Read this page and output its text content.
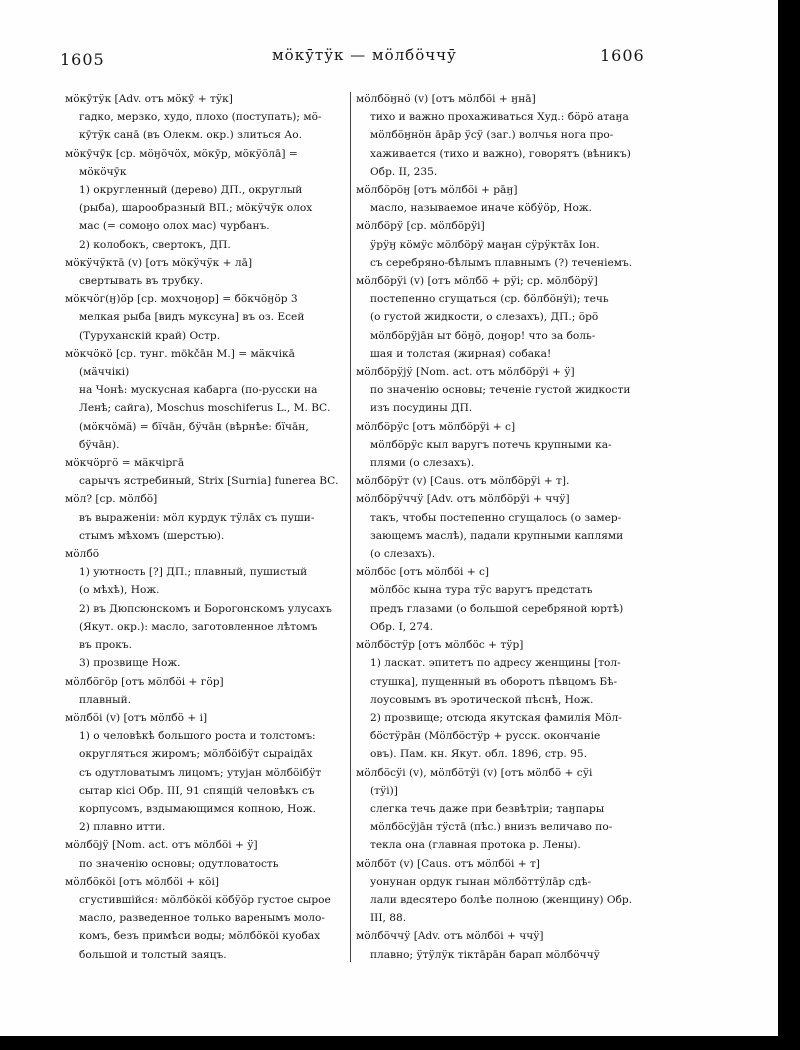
1605	мӧкӯтӱк — мӧлбӧччӯ	1606
мӧкӯтӱк [Adv. отъ мӧкӯ + тӱк]
гадко, мерзко, худо, плохо (поступать); мӧ-
кӯтӱк санā (въ Олекм. окр.) злиться Ао.
мӧкӯчӯк [ср. мӧӈӧчӧх, мӧкӯр, мӧкӱӧлā] =
мӧкӧчӯк
1) округленный (дерево) ДП., округлый
(рыба), шарообразный ВП.; мӧкӱчӱк олох
мас (= сомоӈо олох мас) чурбанъ.
2) колобокъ, свертокъ, ДП.
мӧкӱчӱктā (v) [отъ мӧкӱчӱк + лā]
свертывать въ трубку.
мӧкчӧг(ӈ)ӧр [ср. мохчоӈор] = бӧкчӧӈӧр 3
мелкая рыба [видъ муксуна] въ оз. Есей
(Туруханскій край) Остр.
мӧкчӧкӧ [ср. тунг. mökčāн М.] = мӓкчікā
(мӓччікі)
на Чонѣ: мускусная кабарга (по-русски на
Ленѣ; сайга), Moschus moschiferus L., М. ВС.
(мӧкчӧмӓ) = бїчāн, бӱчāн (вѣрнѣе: бїчāн,
бӱчāн).
мӧкчӧргӧ = мӓкчіргā
сарычъ ястребиный, Strix [Surnia] funerea ВС.
мӧл? [ср. мӧлбӧ]
въ выраженіи: мӧл курдук тӱлāх съ пуши-
стымъ мѣхомъ (шерстью).
мӧлбӧ
1) уютность [?] ДП.; плавный, пушистый
(о мѣхѣ), Нож.
2) въ Дюпсюнскомъ и Борогонскомъ улусахъ
(Якут. окр.): масло, заготовленное лѣтомъ
въ прокъ.
3) прозвище Нож.
мӧлбӧгӧр [отъ мӧлбӧі + гӧр]
плавный.
мӧлбӧі (v) [отъ мӧлбӧ + і]
1) о человѣкѣ большого роста и толстомъ:
округляться жиромъ; мӧлбӧібӱт сыраідāх
съ одутловатымъ лицомъ; утуjан мӧлбӧібӱт
сытар кісі Обр. III, 91 спящій человѣкъ съ
корпусомъ, вздымающимся копною, Нож.
2) плавно итти.
мӧлбӧjӱ [Nom. act. отъ мӧлбӧі + ӱ]
по значенію основы; одутловатость
мӧлбӧкӧі [отъ мӧлбӧі + кӧі]
сгустившійся: мӧлбӧкӧі кӧбӱӧр густое сырое
масло, разведенное только варенымъ моло-
комъ, безъ примѣси воды; мӧлбӧкӧі куобах
большой и толстый заяцъ.
мӧлбӧӈнӧ (v) [отъ мӧлбӧі + ӈнā]
тихо и важно прохаживаться Худ.: бӧрӧ атаӈа
мӧлбӧӈнӧн āрāр ӱсӱ (заг.) волчья нога про-
хаживается (тихо и важно), говорятъ (вѣникъ)
Обр. II, 235.
мӧлбӧрӧӈ [отъ мӧлбӧі + рāӈ]
масло, называемое иначе кӧбӱӧр, Нож.
мӧлбӧрӱ [ср. мӧлбӧрӱі]
ӱрӱӈ кӧмӱс мӧлбӧрӱ маӈан сӱрӱктāх Іон.
съ серебряно-бѣлымъ плавнымъ (?) теченіемъ.
мӧлбӧрӱі (v) [отъ мӧлбӧ + рӱі; ср. мӧлбӧрӱ]
постепенно сгущаться (ср. бӧлбӧнӱі); течь
(о густой жидкости, о слезахъ), ДП.; ӧрӧ
мӧлбӧрӱjāн ыт бӧӈӧ, доӈор! что за боль-
шая и толстая (жирная) собака!
мӧлбӧрӱjӱ [Nom. act. отъ мӧлбӧрӱі + ӱ]
по значенію основы; теченіе густой жидкости
изъ посудины ДП.
мӧлбӧрӱс [отъ мӧлбӧрӱі + с]
мӧлбӧрӱс кыл варугъ потечь крупными ка-
плями (о слезахъ).
мӧлбӧрӱт (v) [Caus. отъ мӧлбӧрӱі + т].
мӧлбӧрӱччӱ [Adv. отъ мӧлбӧрӱі + ччӱ]
такъ, чтобы постепенно сгущалось (о замер-
зающемъ маслѣ), падали крупными каплями
(о слезахъ).
мӧлбӧс [отъ мӧлбӧі + с]
мӧлбӧс кына тура тӱс варугъ предстать
предъ глазами (о большой серебряной юртѣ)
Обр. I, 274.
мӧлбӧстӱр [отъ мӧлбӧс + тӱр]
1) ласкат. эпитетъ по адресу женщины [тол-
стушка], пущенный въ оборотъ пѣвцомъ Бѣ-
лоусовымъ въ эротической пѣснѣ, Нож.
2) прозвище; отсюда якутская фамилія Мӧл-
бӧстӱрāн (Мӧлбӧстӱр + русск. окончаніе
овъ). Пам. кн. Якут. обл. 1896, стр. 95.
мӧлбӧсӱі (v), мӧлбӧтӱі (v) [отъ мӧлбӧ + сӱі
(тӱі)]
слегка течь даже при безвѣтріи; таӈпары
мӧлбӧсӱjāн тӱстā (пѣс.) внизъ величаво по-
текла она (главная протока р. Лены).
мӧлбӧт (v) [Caus. отъ мӧлбӧі + т]
уонунан ордук гынан мӧлбӧттӱлāр сдѣ-
лали вдесятеро болѣе полною (женщину) Обр.
III, 88.
мӧлбӧччӱ [Adv. отъ мӧлбӧі + ччӱ]
плавно; ӱтӱлӱк тіктāрāн барап мӧлбӧччӱ
